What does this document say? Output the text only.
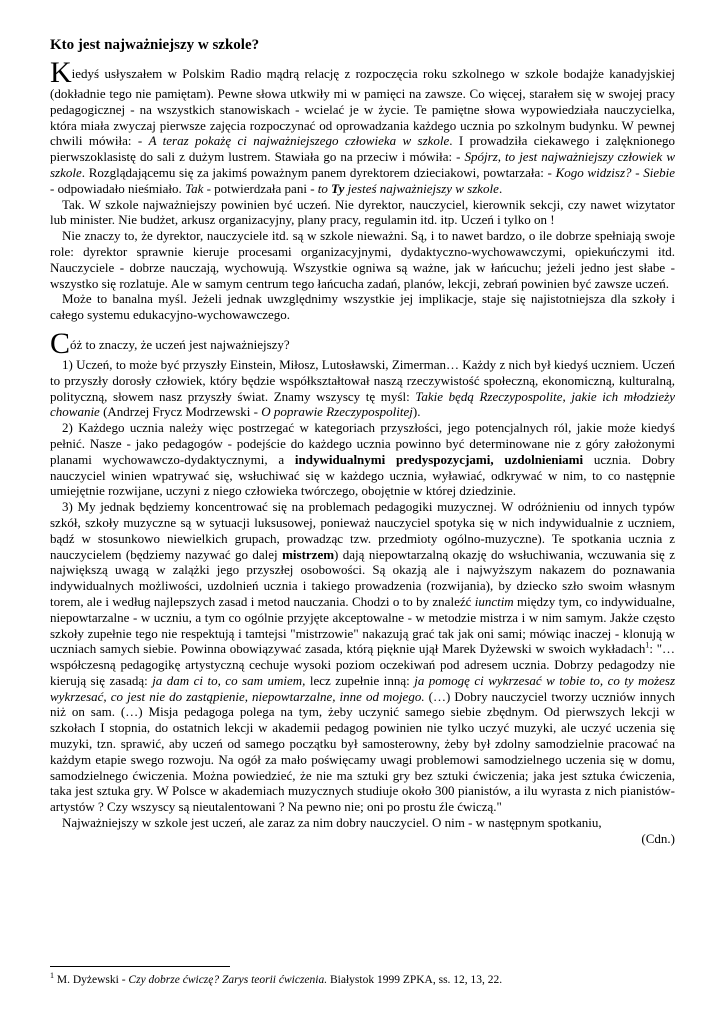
Kto jest najważniejszy w szkole?

Kiedyś usłyszałem w Polskim Radio mądrą relację z rozpoczęcia roku szkolnego w szkole bodajże kanadyjskiej (dokładnie tego nie pamiętam). Pewne słowa utkwiły mi w pamięci na zawsze. Co więcej, starałem się w swojej pracy pedagogicznej - na wszystkich stanowiskach - wcielać je w życie. Te pamiętne słowa wypowiedziała nauczycielka, która miała zwyczaj pierwsze zajęcia rozpoczynać od oprowadzania każdego ucznia po szkolnym budynku. W pewnej chwili mówiła: - A teraz pokażę ci najważniejszego człowieka w szkole. I prowadziła ciekawego i zalęknionego pierwszoklasistę do sali z dużym lustrem. Stawiała go na przeciw i mówiła: - Spójrz, to jest najważniejszy człowiek w szkole. Rozglądającemu się za jakimś poważnym panem dyrektorem dzieciakowi, powtarzała: - Kogo widzisz? - Siebie - odpowiadało nieśmiało. Tak - potwierdzała pani - to Ty jesteś najważniejszy w szkole.

Tak. W szkole najważniejszy powinien być uczeń. Nie dyrektor, nauczyciel, kierownik sekcji, czy nawet wizytator lub minister. Nie budżet, arkusz organizacyjny, plany pracy, regulamin itd. itp. Uczeń i tylko on !

Nie znaczy to, że dyrektor, nauczyciele itd. są w szkole nieważni. Są, i to nawet bardzo, o ile dobrze spełniają swoje role: dyrektor sprawnie kieruje procesami organizacyjnymi, dydaktyczno-wychowawczymi, opiekuńczymi itd. Nauczyciele - dobrze nauczają, wychowują. Wszystkie ogniwa są ważne, jak w łańcuchu; jeżeli jedno jest słabe - wszystko się rozlatuje. Ale w samym centrum tego łańcucha zadań, planów, lekcji, zebrań powinien być zawsze uczeń.

Może to banalna myśl. Jeżeli jednak uwzględnimy wszystkie jej implikacje, staje się najistotniejsza dla szkoły i całego systemu edukacyjno-wychowawczego.

Cóż to znaczy, że uczeń jest najważniejszy?

1) Uczeń, to może być przyszły Einstein, Miłosz, Lutosławski, Zimerman… Każdy z nich był kiedyś uczniem. Uczeń to przyszły dorosły człowiek, który będzie współkształtował naszą rzeczywistość społeczną, ekonomiczną, kulturalną, polityczną, słowem nasz przyszły świat. Znamy wszyscy tę myśl: Takie będą Rzeczypospolite, jakie ich młodzieży chowanie (Andrzej Frycz Modrzewski - O poprawie Rzeczypospolitej).

2) Każdego ucznia należy więc postrzegać w kategoriach przyszłości, jego potencjalnych ról, jakie może kiedyś pełnić. Nasze - jako pedagogów - podejście do każdego ucznia powinno być determinowane nie z góry założonymi planami wychowawczo-dydaktycznymi, a indywidualnymi predyspozycjami, uzdolnieniami ucznia. Dobry nauczyciel winien wpatrywać się, wsłuchiwać się w każdego ucznia, wyławiać, odkrywać w nim, to co następnie umiejętnie rozwijane, uczyni z niego człowieka twórczego, obojętnie w której dziedzinie.

3) My jednak będziemy koncentrować się na problemach pedagogiki muzycznej. W odróżnieniu od innych typów szkół, szkoły muzyczne są w sytuacji luksusowej, ponieważ nauczyciel spotyka się w nich indywidualnie z uczniem, bądź w stosunkowo niewielkich grupach, prowadząc tzw. przedmioty ogólno-muzyczne). Te spotkania ucznia z nauczycielem (będziemy nazywać go dalej mistrzem) dają niepowtarzalną okazję do wsłuchiwania, wczuwania się z największą uwagą w zalążki jego przyszłej osobowości. Są okazją ale i najwyższym nakazem do poznawania indywidualnych możliwości, uzdolnień ucznia i takiego prowadzenia (rozwijania), by dziecko szło swoim własnym torem, ale i według najlepszych zasad i metod nauczania. Chodzi o to by znaleźć iunctim między tym, co indywidualne, niepowtarzalne - w uczniu, a tym co ogólnie przyjęte akceptowalne - w metodzie mistrza i w nim samym. Jakże często szkoły zupełnie tego nie respektują i tamtejsi "mistrzowie" nakazują grać tak jak oni sami; mówiąc inaczej - klonują w uczniach samych siebie. Powinna obowiązywać zasada, którą pięknie ujął Marek Dyżewski w swoich wykładach$^1$: "…współczesną pedagogikę artystyczną cechuje wysoki poziom oczekiwań pod adresem ucznia. Dobrzy pedagodzy nie kierują się zasadą: ja dam ci to, co sam umiem, lecz zupełnie inną: ja pomogę ci wykrzesać w tobie to, co ty możesz wykrzesać, co jest nie do zastąpienie, niepowtarzalne, inne od mojego. (…) Dobry nauczyciel tworzy uczniów innych niż on sam. (…) Misja pedagoga polega na tym, żeby uczynić samego siebie zbędnym. Od pierwszych lekcji w szkołach I stopnia, do ostatnich lekcji w akademii pedagog powinien nie tylko uczyć muzyki, ale uczyć uczenia się muzyki, tzn. sprawić, aby uczeń od samego początku był samosterowny, żeby był zdolny samodzielnie pracować na każdym etapie swego rozwoju. Na ogół za mało poświęcamy uwagi problemowi samodzielnego uczenia się w domu, samodzielnego ćwiczenia. Można powiedzieć, że nie ma sztuki gry bez sztuki ćwiczenia; jaka jest sztuka ćwiczenia, taka jest sztuka gry. W Polsce w akademiach muzycznych studiuje około 300 pianistów, a ilu wyrasta z nich pianistów-artystów ? Czy wszyscy są nieutalentowani ? Na pewno nie; oni po prostu źle ćwiczą."

Najważniejszy w szkole jest uczeń, ale zaraz za nim dobry nauczyciel. O nim - w następnym spotkaniu,

(Cdn.)
$^1$ M. Dyżewski - Czy dobrze ćwiczę? Zarys teorii ćwiczenia. Białystok 1999 ZPKA, ss. 12, 13, 22.
